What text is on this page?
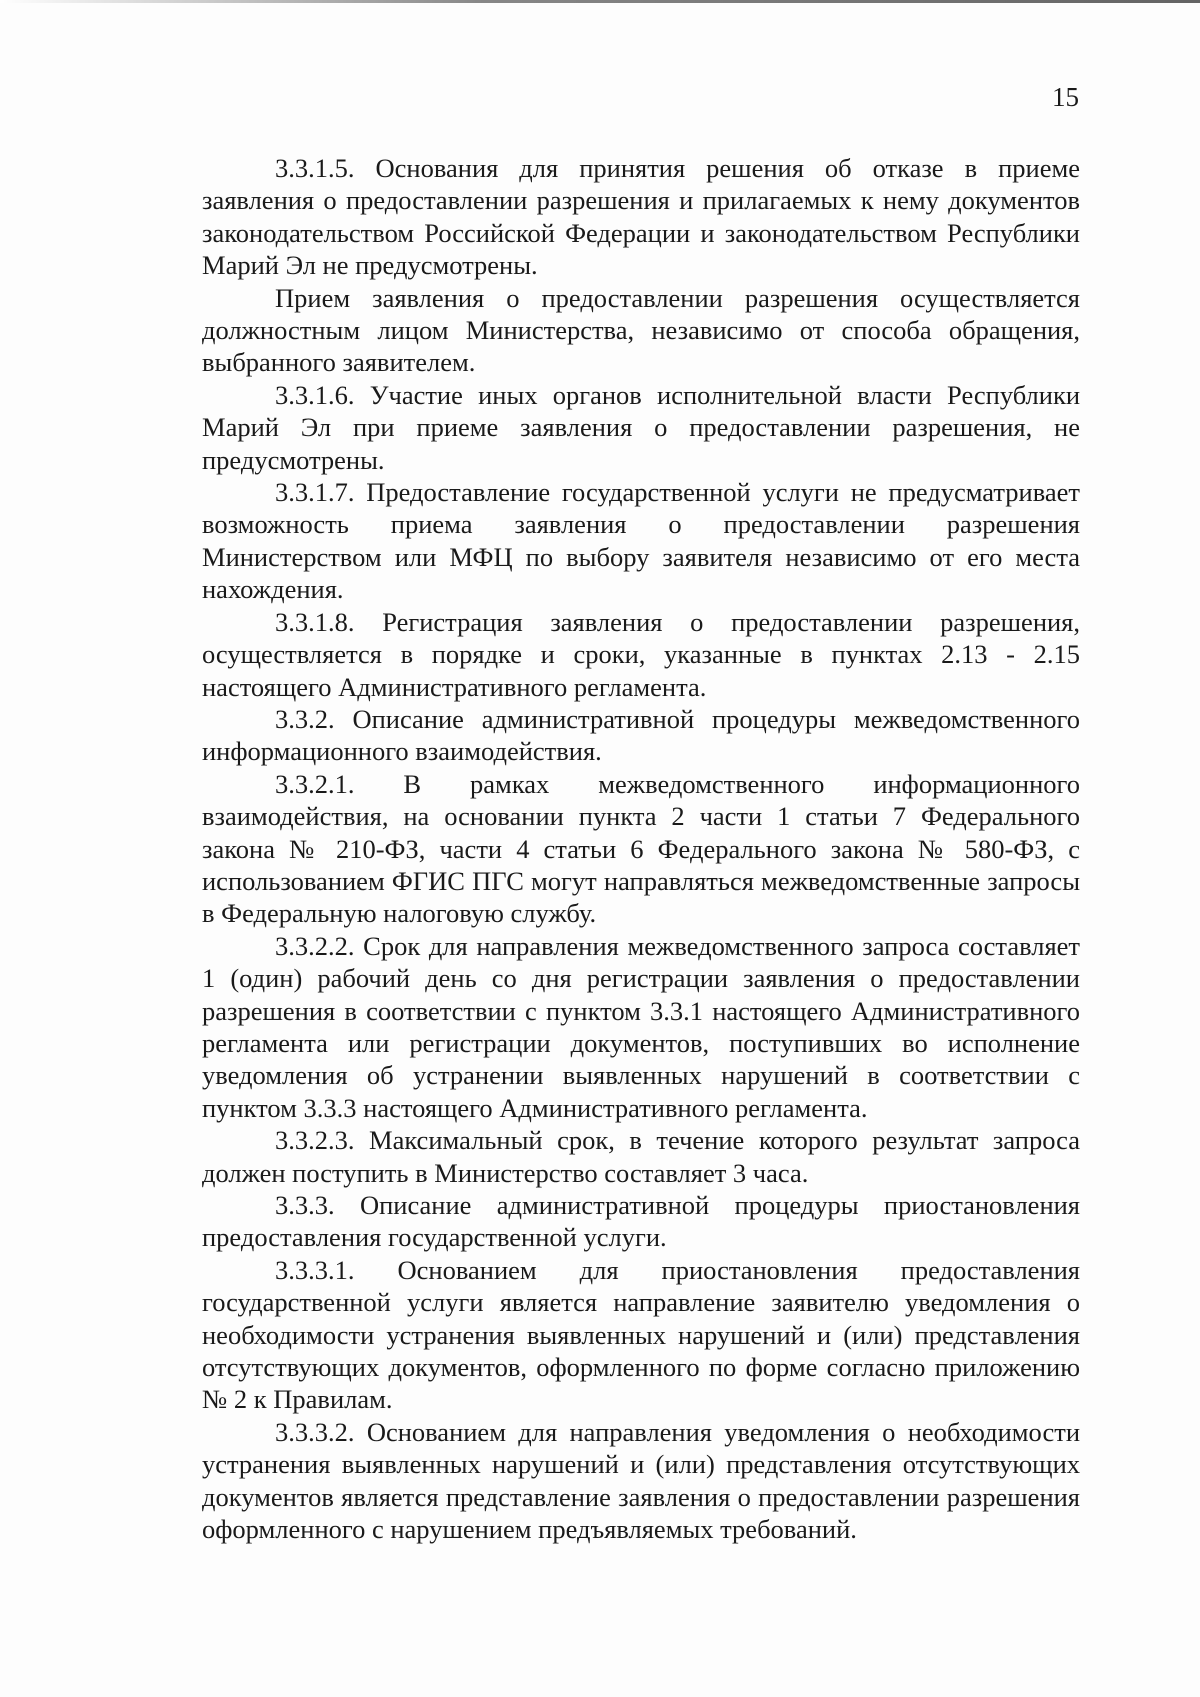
15

3.3.1.5. Основания для принятия решения об отказе в приеме заявления о предоставлении разрешения и прилагаемых к нему документов законодательством Российской Федерации и законодательством Республики Марий Эл не предусмотрены.

Прием заявления о предоставлении разрешения осуществляется должностным лицом Министерства, независимо от способа обращения, выбранного заявителем.

3.3.1.6. Участие иных органов исполнительной власти Республики Марий Эл при приеме заявления о предоставлении разрешения, не предусмотрены.

3.3.1.7. Предоставление государственной услуги не предусматривает возможность приема заявления о предоставлении разрешения Министерством или МФЦ по выбору заявителя независимо от его места нахождения.

3.3.1.8. Регистрация заявления о предоставлении разрешения, осуществляется в порядке и сроки, указанные в пунктах 2.13 - 2.15 настоящего Административного регламента.

3.3.2. Описание административной процедуры межведомственного информационного взаимодействия.

3.3.2.1. В рамках межведомственного информационного взаимодействия, на основании пункта 2 части 1 статьи 7 Федерального закона № 210-ФЗ, части 4 статьи 6 Федерального закона № 580-ФЗ, с использованием ФГИС ПГС могут направляться межведомственные запросы в Федеральную налоговую службу.

3.3.2.2. Срок для направления межведомственного запроса составляет 1 (один) рабочий день со дня регистрации заявления о предоставлении разрешения в соответствии с пунктом 3.3.1 настоящего Административного регламента или регистрации документов, поступивших во исполнение уведомления об устранении выявленных нарушений в соответствии с пунктом 3.3.3 настоящего Административного регламента.

3.3.2.3. Максимальный срок, в течение которого результат запроса должен поступить в Министерство составляет 3 часа.

3.3.3. Описание административной процедуры приостановления предоставления государственной услуги.

3.3.3.1. Основанием для приостановления предоставления государственной услуги является направление заявителю уведомления о необходимости устранения выявленных нарушений и (или) представления отсутствующих документов, оформленного по форме согласно приложению № 2 к Правилам.

3.3.3.2. Основанием для направления уведомления о необходимости устранения выявленных нарушений и (или) представления отсутствующих документов является представление заявления о предоставлении разрешения оформленного с нарушением предъявляемых требований.
